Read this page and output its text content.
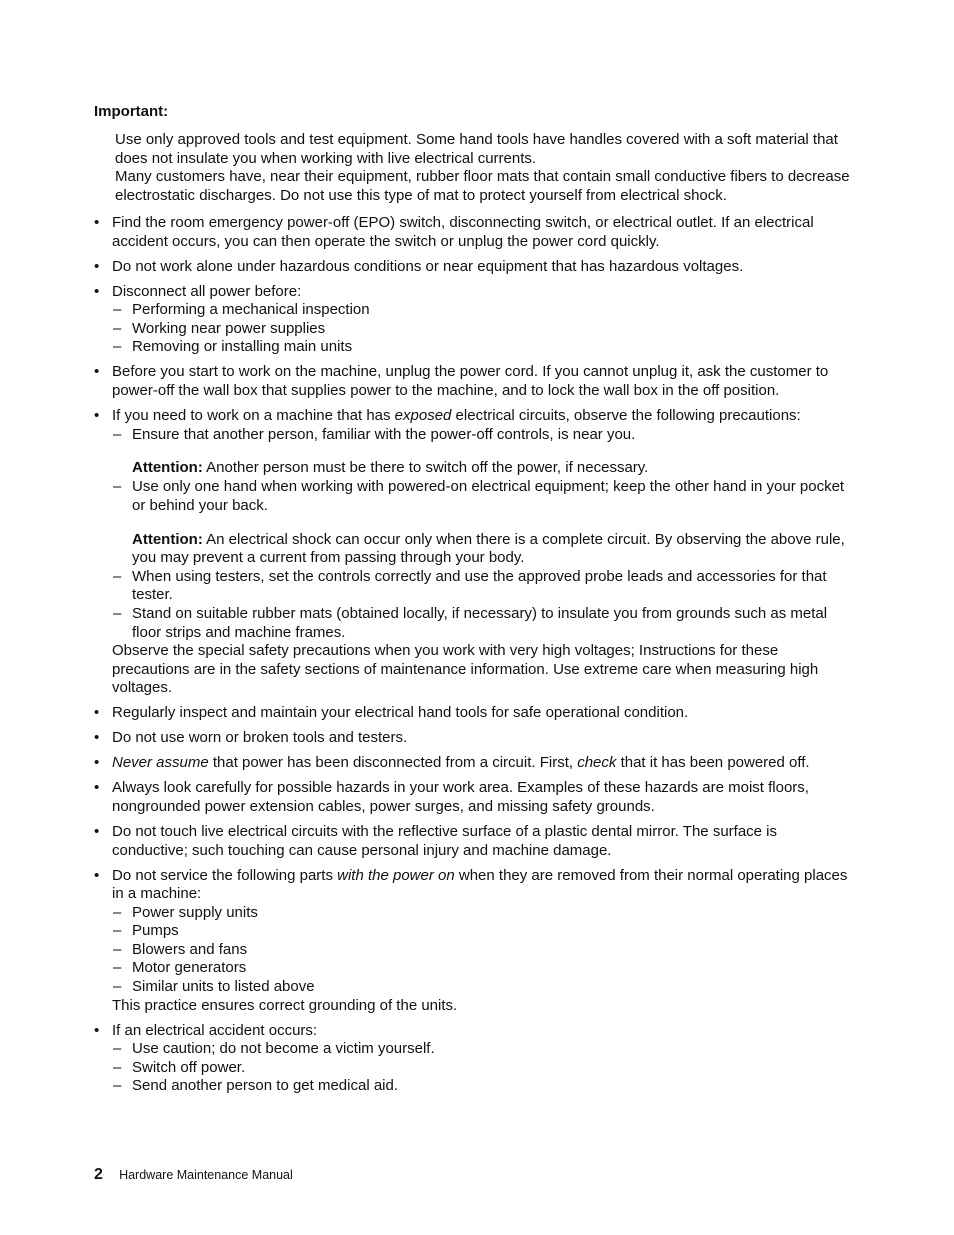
Important:

Use only approved tools and test equipment. Some hand tools have handles covered with a soft material that does not insulate you when working with live electrical currents.

Many customers have, near their equipment, rubber floor mats that contain small conductive fibers to decrease electrostatic discharges. Do not use this type of mat to protect yourself from electrical shock.

• Find the room emergency power-off (EPO) switch, disconnecting switch, or electrical outlet. If an electrical accident occurs, you can then operate the switch or unplug the power cord quickly.
• Do not work alone under hazardous conditions or near equipment that has hazardous voltages.
• Disconnect all power before:
– Performing a mechanical inspection
– Working near power supplies
– Removing or installing main units
• Before you start to work on the machine, unplug the power cord. If you cannot unplug it, ask the customer to power-off the wall box that supplies power to the machine, and to lock the wall box in the off position.
• If you need to work on a machine that has exposed electrical circuits, observe the following precautions:
– Ensure that another person, familiar with the power-off controls, is near you.
Attention: Another person must be there to switch off the power, if necessary.
– Use only one hand when working with powered-on electrical equipment; keep the other hand in your pocket or behind your back.
Attention: An electrical shock can occur only when there is a complete circuit. By observing the above rule, you may prevent a current from passing through your body.
– When using testers, set the controls correctly and use the approved probe leads and accessories for that tester.
– Stand on suitable rubber mats (obtained locally, if necessary) to insulate you from grounds such as metal floor strips and machine frames.
Observe the special safety precautions when you work with very high voltages; Instructions for these precautions are in the safety sections of maintenance information. Use extreme care when measuring high voltages.
• Regularly inspect and maintain your electrical hand tools for safe operational condition.
• Do not use worn or broken tools and testers.
• Never assume that power has been disconnected from a circuit. First, check that it has been powered off.
• Always look carefully for possible hazards in your work area. Examples of these hazards are moist floors, nongrounded power extension cables, power surges, and missing safety grounds.
• Do not touch live electrical circuits with the reflective surface of a plastic dental mirror. The surface is conductive; such touching can cause personal injury and machine damage.
• Do not service the following parts with the power on when they are removed from their normal operating places in a machine:
– Power supply units
– Pumps
– Blowers and fans
– Motor generators
– Similar units to listed above
This practice ensures correct grounding of the units.
• If an electrical accident occurs:
– Use caution; do not become a victim yourself.
– Switch off power.
– Send another person to get medical aid.
2 Hardware Maintenance Manual
